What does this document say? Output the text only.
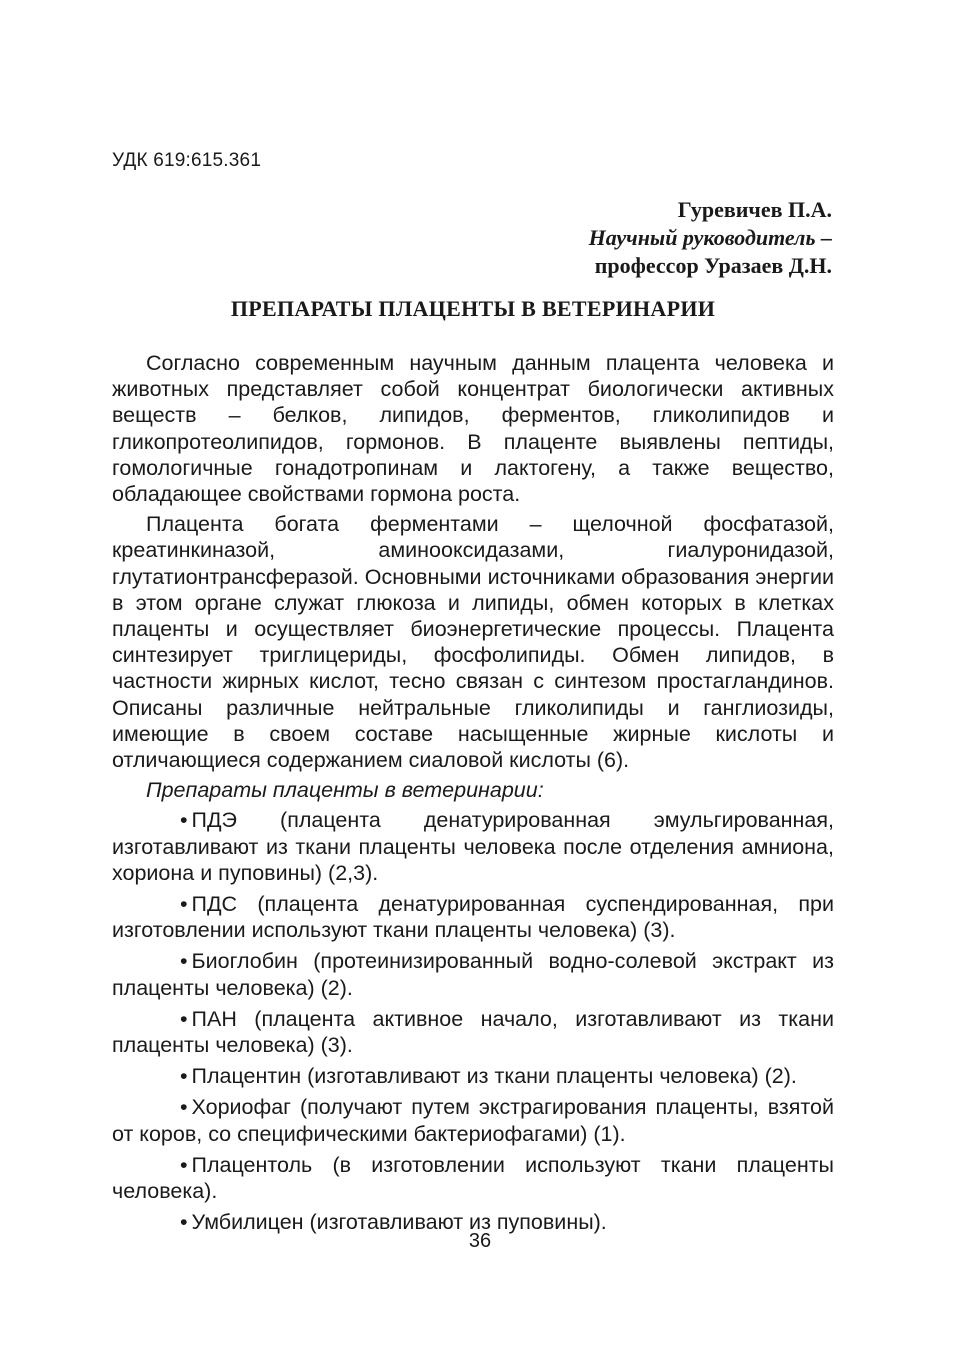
УДК 619:615.361
Гуревичев П.А.
Научный руководитель –
профессор Уразаев Д.Н.
ПРЕПАРАТЫ ПЛАЦЕНТЫ В ВЕТЕРИНАРИИ

Согласно современным научным данным плацента человека и животных представляет собой концентрат биологически активных веществ – белков, липидов, ферментов, гликолипидов и гликопротеолипидов, гормонов. В плаценте выявлены пептиды, гомологичные гонадотропинам и лактогену, а также вещество, обладающее свойствами гормона роста.

Плацента богата ферментами – щелочной фосфатазой, креатинкиназой, аминооксидазами, гиалуронидазой, глутатионтрансферазой. Основными источниками образования энергии в этом органе служат глюкоза и липиды, обмен которых в клетках плаценты и осуществляет биоэнергетические процессы. Плацента синтезирует триглицериды, фосфолипиды. Обмен липидов, в частности жирных кислот, тесно связан с синтезом простагландинов. Описаны различные нейтральные гликолипиды и ганглиозиды, имеющие в своем составе насыщенные жирные кислоты и отличающиеся содержанием сиаловой кислоты (6).

Препараты плаценты в ветеринарии:

• ПДЭ (плацента денатурированная эмульгированная, изготавливают из ткани плаценты человека после отделения амниона, хориона и пуповины) (2,3).

• ПДС (плацента денатурированная суспендированная, при изготовлении используют ткани плаценты человека) (3).

• Биоглобин (протеинизированный водно-солевой экстракт из плаценты человека) (2).

• ПАН (плацента активное начало, изготавливают из ткани плаценты человека) (3).

• Плацентин (изготавливают из ткани плаценты человека) (2).

• Хориофаг (получают путем экстрагирования плаценты, взятой от коров, со специфическими бактериофагами) (1).

• Плацентоль (в изготовлении используют ткани плаценты человека).

• Умбилицен (изготавливают из пуповины).

36
